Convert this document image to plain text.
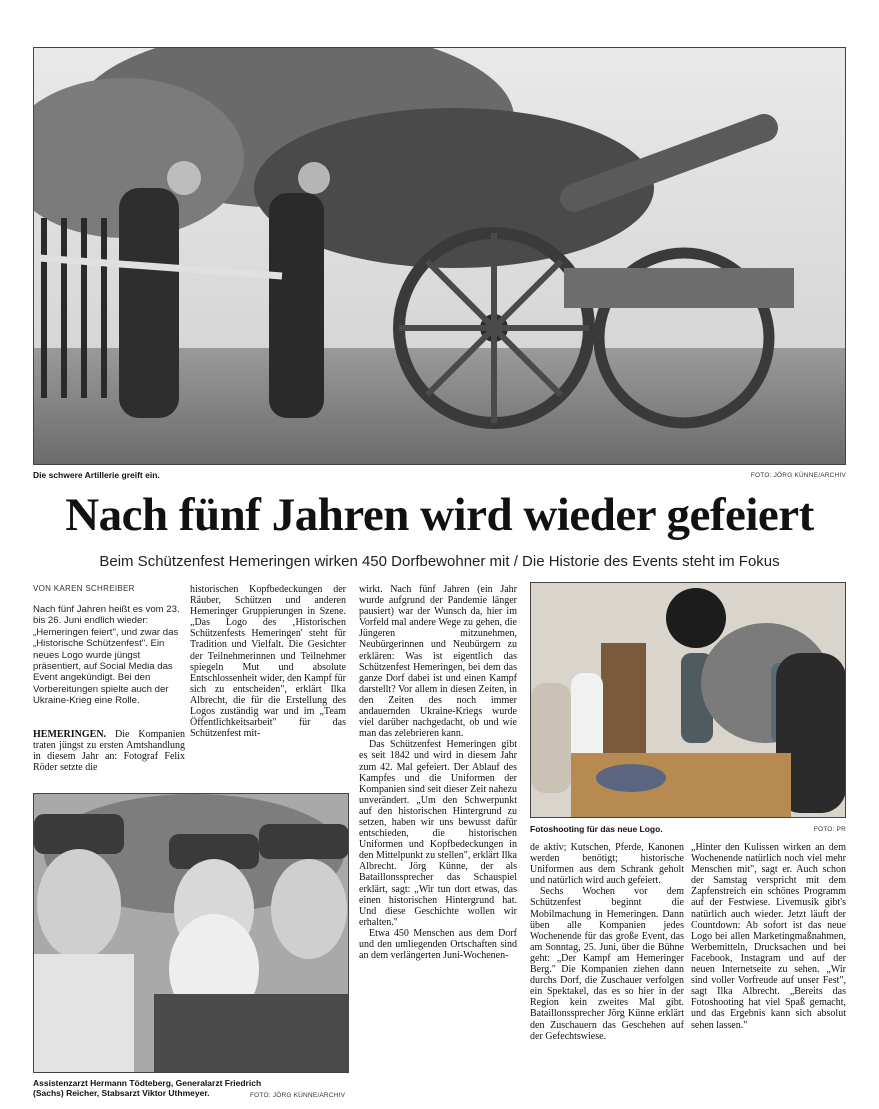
Die schwere Artillerie greift ein.	FOTO: JÖRG KÜNNE/ARCHIV
Nach fünf Jahren wird wieder gefeiert
Beim Schützenfest Hemeringen wirken 450 Dorfbewohner mit / Die Historie des Events steht im Fokus
VON KAREN SCHREIBER
Nach fünf Jahren heißt es vom 23. bis 26. Juni endlich wieder: „Hemeringen feiert", und zwar das „Historische Schützenfest". Ein neues Logo wurde jüngst präsentiert, auf Social Media das Event angekündigt. Bei den Vorbereitungen spielte auch der Ukraine-Krieg eine Rolle.

HEMERINGEN. Die Kompanien traten jüngst zu ersten Amtshandlung in diesem Jahr an: Fotograf Felix Röder setzte die

historischen Kopfbedeckungen der Räuber, Schützen und anderen Hemeringer Gruppierungen in Szene. „Das Logo des ‚Historischen Schützenfests Hemeringen' steht für Tradition und Vielfalt. Die Gesichter der Teilnehmerinnen und Teilnehmer spiegeln Mut und absolute Entschlossenheit wider, den Kampf für sich zu entscheiden", erklärt Ilka Albrecht, die für die Erstellung des Logos zuständig war und im „Team Öffentlichkeitsarbeit" für das Schützenfest mit-

wirkt. Nach fünf Jahren (ein Jahr wurde aufgrund der Pandemie länger pausiert) war der Wunsch da, hier im Vorfeld mal andere Wege zu gehen, die Jüngeren mitzunehmen, Neubürgerinnen und Neubürgern zu erklären: Was ist eigentlich das Schützenfest Hemeringen, bei dem das ganze Dorf dabei ist und einen Kampf darstellt? Vor allem in diesen Zeiten, in den Zeiten des noch immer andauernden Ukraine-Kriegs wurde viel darüber nachgedacht, ob und wie man das zelebrieren kann.

Das Schützenfest Hemeringen gibt es seit 1842 und wird in diesem Jahr zum 42. Mal gefeiert. Der Ablauf des Kampfes und die Uniformen der Kompanien sind seit dieser Zeit nahezu unverändert. „Um den Schwerpunkt auf den historischen Hintergrund zu setzen, haben wir uns bewusst dafür entschieden, die historischen Uniformen und Kopfbedeckungen in den Mittelpunkt zu stellen", erklärt Ilka Albrecht. Jörg Künne, der als Bataillonssprecher das Schauspiel erklärt, sagt: „Wir tun dort etwas, das einen historischen Hintergrund hat. Und diese Geschichte wollen wir erhalten."

Etwa 450 Menschen aus dem Dorf und den umliegenden Ortschaften sind an dem verlängerten Juni-Wochenen-

Fotoshooting für das neue Logo.	FOTO: PR

de aktiv; Kutschen, Pferde, Kanonen werden benötigt; historische Uniformen aus dem Schrank geholt und natürlich wird auch gefeiert.

Sechs Wochen vor dem Schützenfest beginnt die Mobilmachung in Hemeringen. Dann üben alle Kompanien jedes Wochenende für das große Event, das am Sonntag, 25. Juni, über die Bühne geht: „Der Kampf am Hemeringer Berg." Die Kompanien ziehen dann durchs Dorf, die Zuschauer verfolgen ein Spektakel, das es so hier in der Region kein zweites Mal gibt. Bataillonssprecher Jörg Künne erklärt den Zuschauern das Geschehen auf der Gefechtswiese.

„Hinter den Kulissen wirken an dem Wochenende natürlich noch viel mehr Menschen mit", sagt er. Auch schon der Samstag verspricht mit dem Zapfenstreich ein schönes Programm auf der Festwiese. Livemusik gibt's natürlich auch wieder. Jetzt läuft der Countdown: Ab sofort ist das neue Logo bei allen Marketingmaßnahmen, Werbemitteln, Drucksachen und bei Facebook, Instagram und auf der neuen Internetseite zu sehen. „Wir sind voller Vorfreude auf unser Fest", sagt Ilka Albrecht. „Bereits das Fotoshooting hat viel Spaß gemacht, und das Ergebnis kann sich absolut sehen lassen."
Assistenzarzt Hermann Tödteberg, Generalarzt Friedrich (Sachs) Reicher, Stabsarzt Viktor Uthmeyer.	FOTO: JÖRG KÜNNE/ARCHIV
